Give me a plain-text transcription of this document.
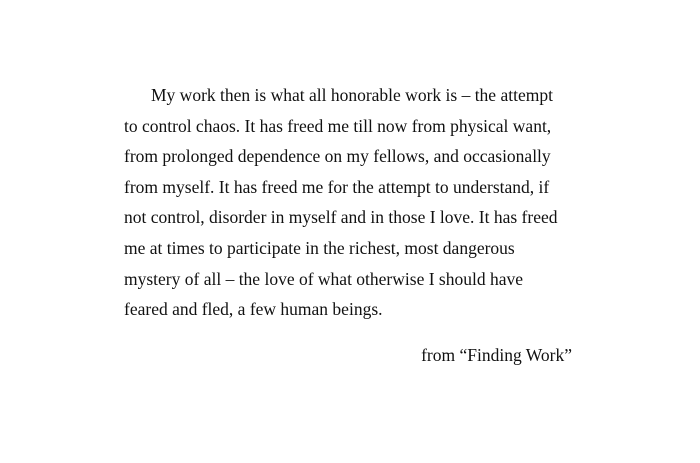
My work then is what all honorable work is – the attempt
to control chaos. It has freed me till now from physical want,
from prolonged dependence on my fellows, and occasionally
from myself. It has freed me for the attempt to understand, if
not control, disorder in myself and in those I love. It has freed
me at times to participate in the richest, most dangerous
mystery of all – the love of what otherwise I should have
feared and fled, a few human beings.
from “Finding Work”
